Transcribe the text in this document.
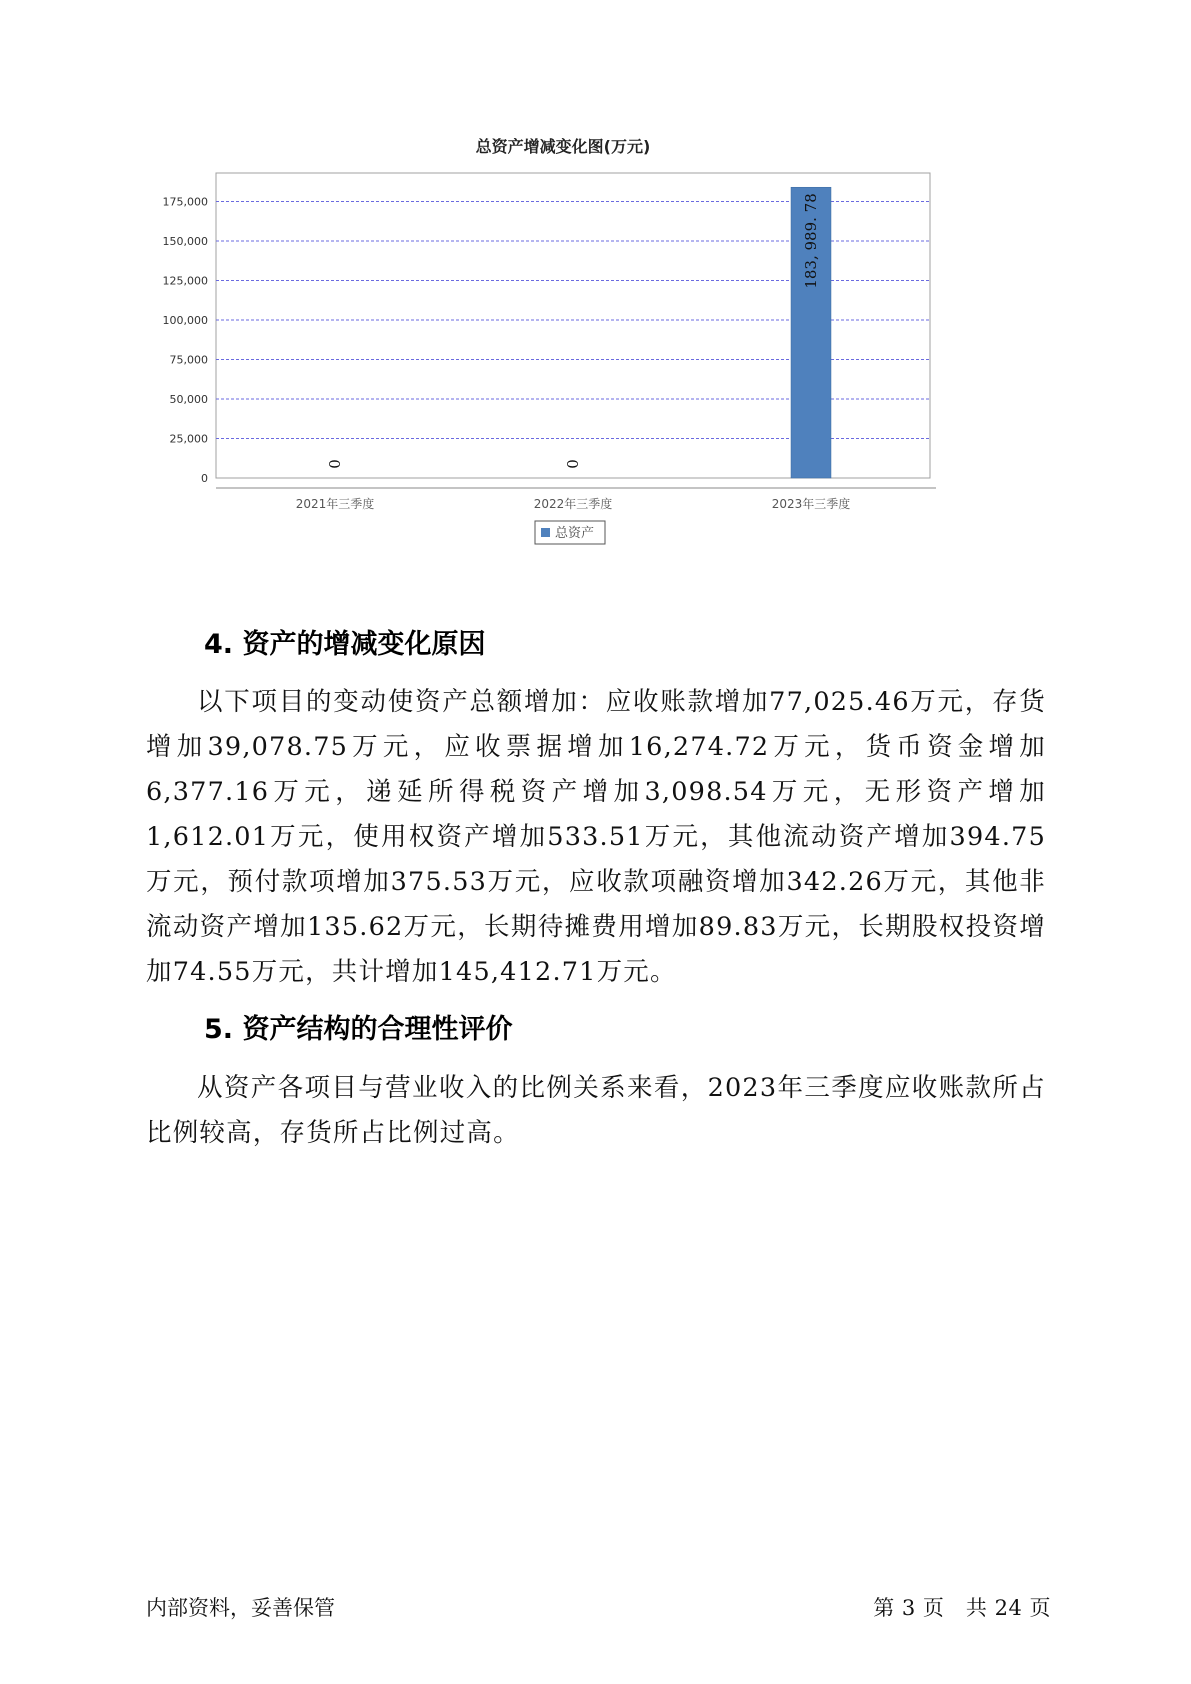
总资产增减变化图(万元)
0
25,000
50,000
75,000
100,000
125,000
150,000
175,000
0
2021年三季度
0
2022年三季度
183, 989. 78
2023年三季度
总资产
4. 资产的增减变化原因

以下项目的变动使资产总额增加：应收账款增加77,025.46万元，存货增加39,078.75万元，应收票据增加16,274.72万元，货币资金增加6,377.16万元，递延所得税资产增加3,098.54万元，无形资产增加1,612.01万元，使用权资产增加533.51万元，其他流动资产增加394.75万元，预付款项增加375.53万元，应收款项融资增加342.26万元，其他非流动资产增加135.62万元，长期待摊费用增加89.83万元，长期股权投资增加74.55万元，共计增加145,412.71万元。

5. 资产结构的合理性评价

从资产各项目与营业收入的比例关系来看，2023年三季度应收账款所占比例较高，存货所占比例过高。

内部资料，妥善保管	第 3 页　共 24 页
